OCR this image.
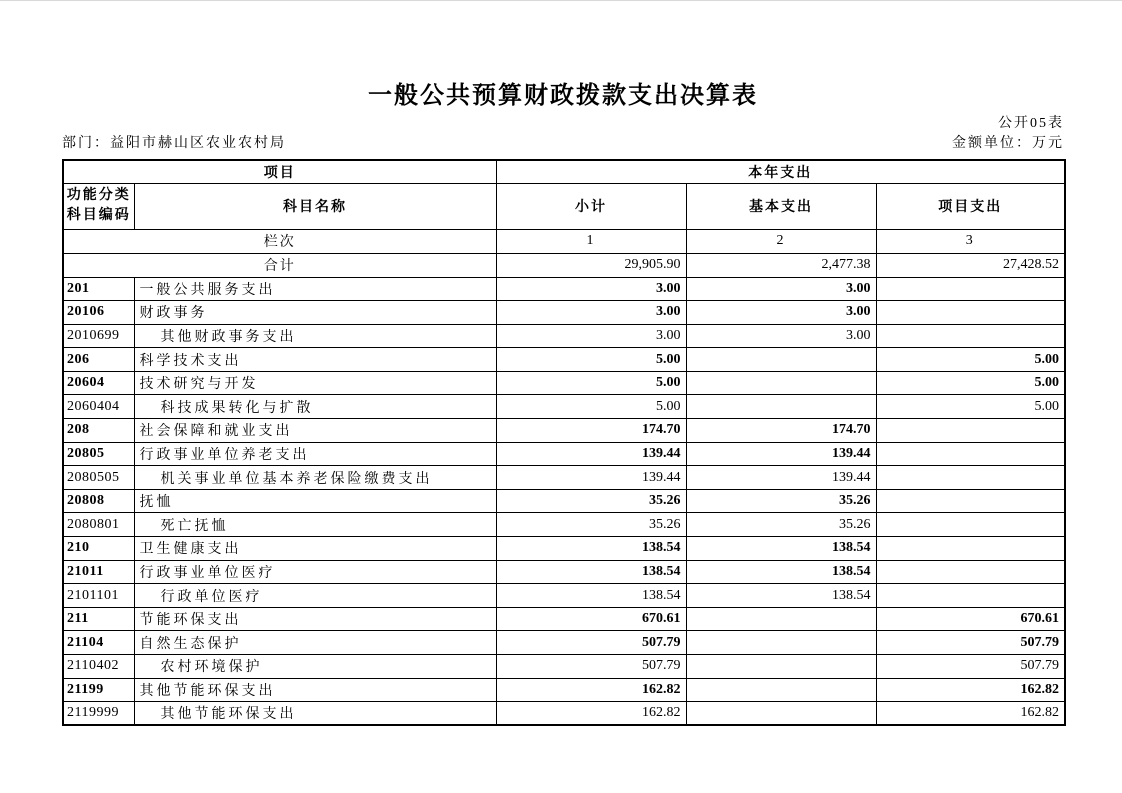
一般公共预算财政拨款支出决算表
公开05表
部门：益阳市赫山区农业农村局	金额单位：万元
项目		本年支出		

功能分类
科目编码	科目名称	小计	基本支出	项目支出
栏次		1	2	3
合计		29,905.90	2,477.38	27,428.52
201	一般公共服务支出	3.00	3.00	
20106	财政事务	3.00	3.00	
2010699	其他财政事务支出	3.00	3.00	
206	科学技术支出	5.00		5.00
20604	技术研究与开发	5.00		5.00
2060404	科技成果转化与扩散	5.00		5.00
208	社会保障和就业支出	174.70	174.70	
20805	行政事业单位养老支出	139.44	139.44	
2080505	机关事业单位基本养老保险缴费支出	139.44	139.44	
20808	抚恤	35.26	35.26	
2080801	死亡抚恤	35.26	35.26	
210	卫生健康支出	138.54	138.54	
21011	行政事业单位医疗	138.54	138.54	
2101101	行政单位医疗	138.54	138.54	
211	节能环保支出	670.61		670.61
21104	自然生态保护	507.79		507.79
2110402	农村环境保护	507.79		507.79
21199	其他节能环保支出	162.82		162.82
2119999	其他节能环保支出	162.82		162.82
